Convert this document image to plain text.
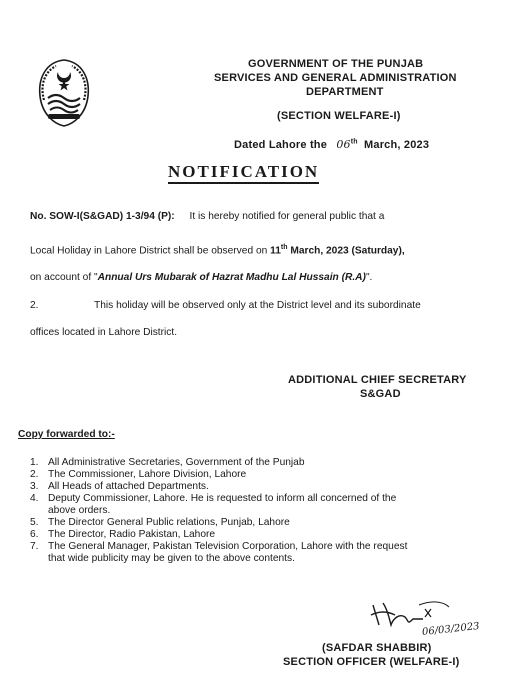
GOVERNMENT OF THE PUNJAB
SERVICES AND GENERAL ADMINISTRATION
DEPARTMENT
(SECTION WELFARE-I)
Dated Lahore the 06th March, 2023
NOTIFICATION
No. SOW-I(S&GAD) 1-3/94 (P): It is hereby notified for general public that a
Local Holiday in Lahore District shall be observed on 11th March, 2023 (Saturday),
on account of "Annual Urs Mubarak of Hazrat Madhu Lal Hussain (R.A)".
2.	This holiday will be observed only at the District level and its subordinate
offices located in Lahore District.
ADDITIONAL CHIEF SECRETARY
S&GAD
Copy forwarded to:-
1. All Administrative Secretaries, Government of the Punjab
2. The Commissioner, Lahore Division, Lahore
3. All Heads of attached Departments.
4. Deputy Commissioner, Lahore. He is requested to inform all concerned of the
above orders.
5. The Director General Public relations, Punjab, Lahore
6. The Director, Radio Pakistan, Lahore
7. The General Manager, Pakistan Television Corporation, Lahore with the request
that wide publicity may be given to the above contents.
06/03/2023
(SAFDAR SHABBIR)
SECTION OFFICER (WELFARE-I)
